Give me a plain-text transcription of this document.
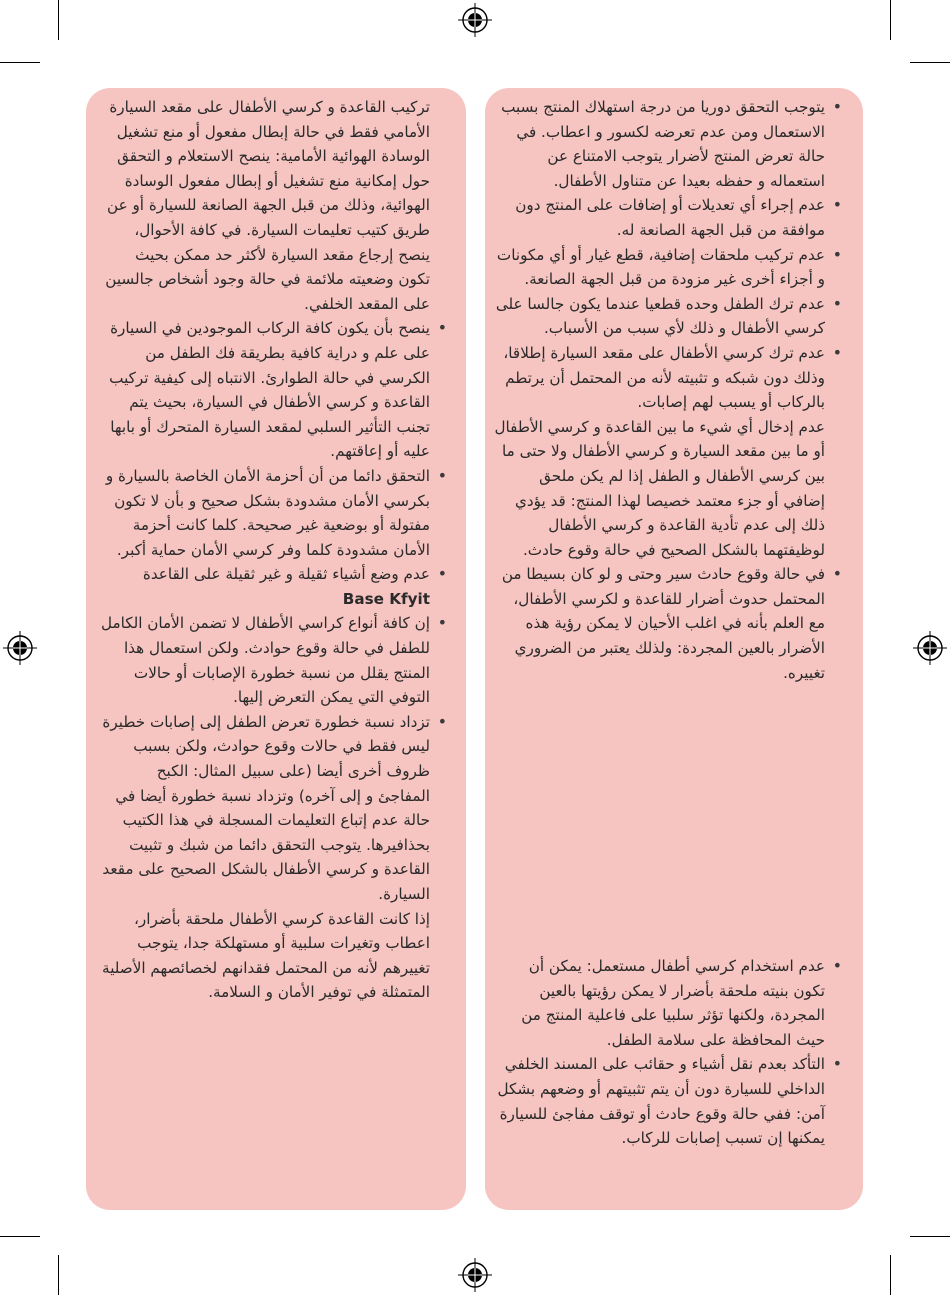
تركيب القاعدة و كرسي الأطفال على مقعد السيارة الأمامي فقط في حالة إبطال مفعول أو منع تشغيل الوسادة الهوائية الأمامية: ينصح الاستعلام و التحقق حول إمكانية منع تشغيل أو إبطال مفعول الوسادة الهوائية، وذلك من قبل الجهة الصانعة للسيارة أو عن طريق كتيب تعليمات السيارة. في كافة الأحوال، ينصح إرجاع مقعد السيارة لأكثر حد ممكن بحيث تكون وضعيته ملائمة في حالة وجود أشخاص جالسين على المقعد الخلفي.
• ينصح بأن يكون كافة الركاب الموجودين في السيارة على علم و دراية كافية بطريقة فك الطفل من الكرسي في حالة الطوارئ. الانتباه إلى كيفية تركيب القاعدة و كرسي الأطفال في السيارة، بحيث يتم تجنب التأثير السلبي لمقعد السيارة المتحرك أو بابها عليه أو إعاقتهم.
• التحقق دائما من أن أحزمة الأمان الخاصة بالسيارة و بكرسي الأمان مشدودة بشكل صحيح و بأن لا تكون مفتولة أو بوضعية غير صحيحة. كلما كانت أحزمة الأمان مشدودة كلما وفر كرسي الأمان حماية أكبر.
• عدم وضع أشياء ثقيلة و غير ثقيلة على القاعدة Base Kfyit
• إن كافة أنواع كراسي الأطفال لا تضمن الأمان الكامل للطفل في حالة وقوع حوادث. ولكن استعمال هذا المنتج يقلل من نسبة خطورة الإصابات أو حالات التوفي التي يمكن التعرض إليها.
• تزداد نسبة خطورة تعرض الطفل إلى إصابات خطيرة ليس فقط في حالات وقوع حوادث، ولكن بسبب ظروف أخرى أيضا (على سبيل المثال: الكبح المفاجئ و إلى آخره) وتزداد نسبة خطورة أيضا في حالة عدم إتباع التعليمات المسجلة في هذا الكتيب بحذافيرها. يتوجب التحقق دائما من شبك و تثبيت القاعدة و كرسي الأطفال بالشكل الصحيح على مقعد السيارة.
إذا كانت القاعدة كرسي الأطفال ملحقة بأضرار، اعطاب وتغيرات سلبية أو مستهلكة جدا، يتوجب تغييرهم لأنه من المحتمل فقدانهم لخصائصهم الأصلية المتمثلة في توفير الأمان و السلامة.
• يتوجب التحقق دوريا من درجة استهلاك المنتج بسبب الاستعمال ومن عدم تعرضه لكسور و اعطاب. في حالة تعرض المنتج لأضرار يتوجب الامتناع عن استعماله و حفظه بعيدا عن متناول الأطفال.
• عدم إجراء أي تعديلات أو إضافات على المنتج دون موافقة من قبل الجهة الصانعة له.
• عدم تركيب ملحقات إضافية، قطع غيار أو أي مكونات و أجزاء أخرى غير مزودة من قبل الجهة الصانعة.
• عدم ترك الطفل وحده قطعيا عندما يكون جالسا على كرسي الأطفال و ذلك لأي سبب من الأسباب.
• عدم ترك كرسي الأطفال على مقعد السيارة إطلاقا، وذلك دون شبكه و تثبيته لأنه من المحتمل أن يرتطم بالركاب أو يسبب لهم إصابات.
عدم إدخال أي شيء ما بين القاعدة و كرسي الأطفال أو ما بين مقعد السيارة و كرسي الأطفال ولا حتى ما بين كرسي الأطفال و الطفل إذا لم يكن ملحق إضافي أو جزء معتمد خصيصا لهذا المنتج: قد يؤدي ذلك إلى عدم تأدية القاعدة و كرسي الأطفال لوظيفتهما بالشكل الصحيح في حالة وقوع حادث.
• في حالة وقوع حادث سير وحتى و لو كان بسيطا من المحتمل حدوث أضرار للقاعدة و لكرسي الأطفال، مع العلم بأنه في اغلب الأحيان لا يمكن رؤية هذه الأضرار بالعين المجردة: ولذلك يعتبر من الضروري تغييره.
• عدم استخدام كرسي أطفال مستعمل: يمكن أن تكون بنيته ملحقة بأضرار لا يمكن رؤيتها بالعين المجردة، ولكنها تؤثر سلبيا على فاعلية المنتج من حيث المحافظة على سلامة الطفل.
• التأكد بعدم نقل أشياء و حقائب على المسند الخلفي الداخلي للسيارة دون أن يتم تثبيتهم أو وضعهم بشكل آمن: ففي حالة وقوع حادث أو توقف مفاجئ للسيارة يمكنها إن تسبب إصابات للركاب.
